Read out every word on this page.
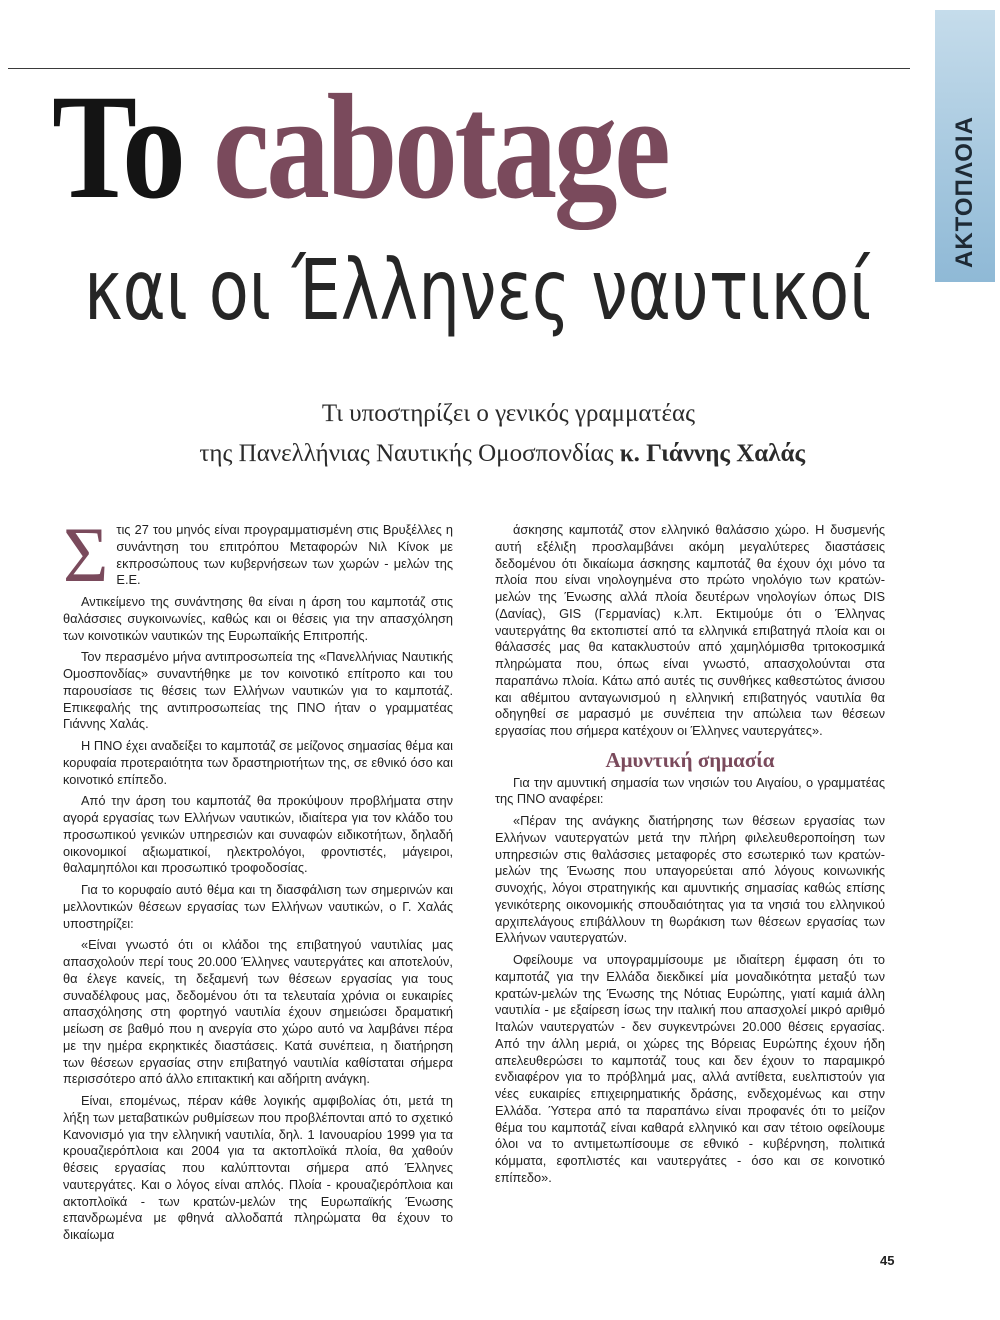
ΑΚΤΟΠΛΟΙΑ
Το cabotage
και οι Έλληνες ναυτικοί
Τι υποστηρίζει ο γενικός γραμματέας
της Πανελλήνιας Ναυτικής Ομοσπονδίας κ. Γιάννης Χαλάς

Στις 27 του μηνός είναι προγραμματισμένη στις Βρυξέλλες η συνάντηση του επιτρόπου Μεταφορών Νιλ Κίνοκ με εκπροσώπους των κυβερνήσεων των χωρών - μελών της Ε.Ε.

Αντικείμενο της συνάντησης θα είναι η άρση του καμποτάζ στις θαλάσσιες συγκοινωνίες, καθώς και οι θέσεις για την απασχόληση των κοινοτικών ναυτικών της Ευρωπαϊκής Επιτροπής.

Τον περασμένο μήνα αντιπροσωπεία της «Πανελλήνιας Ναυτικής Ομοσπονδίας» συναντήθηκε με τον κοινοτικό επίτροπο και του παρουσίασε τις θέσεις των Ελλήνων ναυτικών για το καμποτάζ. Επικεφαλής της αντιπροσωπείας της ΠΝΟ ήταν ο γραμματέας Γιάννης Χαλάς.

Η ΠΝΟ έχει αναδείξει το καμποτάζ σε μείζονος σημασίας θέμα και κορυφαία προτεραιότητα των δραστηριοτήτων της, σε εθνικό όσο και κοινοτικό επίπεδο.

Από την άρση του καμποτάζ θα προκύψουν προβλήματα στην αγορά εργασίας των Ελλήνων ναυτικών, ιδιαίτερα για τον κλάδο του προσωπικού γενικών υπηρεσιών και συναφών ειδικοτήτων, δηλαδή οικονομικοί αξιωματικοί, ηλεκτρολόγοι, φροντιστές, μάγειροι, θαλαμηπόλοι και προσωπικό τροφοδοσίας.

Για το κορυφαίο αυτό θέμα και τη διασφάλιση των σημερινών και μελλοντικών θέσεων εργασίας των Ελλήνων ναυτικών, ο Γ. Χαλάς υποστηρίζει:

«Είναι γνωστό ότι οι κλάδοι της επιβατηγού ναυτιλίας μας απασχολούν περί τους 20.000 Έλληνες ναυτεργάτες και αποτελούν, θα έλεγε κανείς, τη δεξαμενή των θέσεων εργασίας για τους συναδέλφους μας, δεδομένου ότι τα τελευταία χρόνια οι ευκαιρίες απασχόλησης στη φορτηγό ναυτιλία έχουν σημειώσει δραματική μείωση σε βαθμό που η ανεργία στο χώρο αυτό να λαμβάνει πέρα με την ημέρα εκρηκτικές διαστάσεις. Κατά συνέπεια, η διατήρηση των θέσεων εργασίας στην επιβατηγό ναυτιλία καθίσταται σήμερα περισσότερο από άλλο επιτακτική και αδήριτη ανάγκη.

Είναι, επομένως, πέραν κάθε λογικής αμφιβολίας ότι, μετά τη λήξη των μεταβατικών ρυθμίσεων που προβλέπονται από το σχετικό Κανονισμό για την ελληνική ναυτιλία, δηλ. 1 Ιανουαρίου 1999 για τα κρουαζιερόπλοια και 2004 για τα ακτοπλοϊκά πλοία, θα χαθούν θέσεις εργασίας που καλύπτονται σήμερα από Έλληνες ναυτεργάτες. Και ο λόγος είναι απλός. Πλοία - κρουαζιερόπλοια και ακτοπλοϊκά - των κρατών-μελών της Ευρωπαϊκής Ένωσης επανδρωμένα με φθηνά αλλοδαπά πληρώματα θα έχουν το δικαίωμα

άσκησης καμποτάζ στον ελληνικό θαλάσσιο χώρο. Η δυσμενής αυτή εξέλιξη προσλαμβάνει ακόμη μεγαλύτερες διαστάσεις δεδομένου ότι δικαίωμα άσκησης καμποτάζ θα έχουν όχι μόνο τα πλοία που είναι νηολογημένα στο πρώτο νηολόγιο των κρατών-μελών της Ένωσης αλλά πλοία δευτέρων νηολογίων όπως DIS (Δανίας), GIS (Γερμανίας) κ.λπ. Εκτιμούμε ότι ο Έλληνας ναυτεργάτης θα εκτοπιστεί από τα ελληνικά επιβατηγά πλοία και οι θάλασσές μας θα κατακλυστούν από χαμηλόμισθα τριτοκοσμικά πληρώματα που, όπως είναι γνωστό, απασχολούνται στα παραπάνω πλοία. Κάτω από αυτές τις συνθήκες καθεστώτος άνισου και αθέμιτου ανταγωνισμού η ελληνική επιβατηγός ναυτιλία θα οδηγηθεί σε μαρασμό με συνέπεια την απώλεια των θέσεων εργασίας που σήμερα κατέχουν οι Έλληνες ναυτεργάτες».

Αμυντική σημασία

Για την αμυντική σημασία των νησιών του Αιγαίου, ο γραμματέας της ΠΝΟ αναφέρει:

«Πέραν της ανάγκης διατήρησης των θέσεων εργασίας των Ελλήνων ναυτεργατών μετά την πλήρη φιλελευθεροποίηση των υπηρεσιών στις θαλάσσιες μεταφορές στο εσωτερικό των κρατών-μελών της Ένωσης που υπαγορεύεται από λόγους κοινωνικής συνοχής, λόγοι στρατηγικής και αμυντικής σημασίας καθώς επίσης γενικότερης οικονομικής σπουδαιότητας για τα νησιά του ελληνικού αρχιπελάγους επιβάλλουν τη θωράκιση των θέσεων εργασίας των Ελλήνων ναυτεργατών.

Οφείλουμε να υπογραμμίσουμε με ιδιαίτερη έμφαση ότι το καμποτάζ για την Ελλάδα διεκδικεί μία μοναδικότητα μεταξύ των κρατών-μελών της Ένωσης της Νότιας Ευρώπης, γιατί καμιά άλλη ναυτιλία - με εξαίρεση ίσως την ιταλική που απασχολεί μικρό αριθμό Ιταλών ναυτεργατών - δεν συγκεντρώνει 20.000 θέσεις εργασίας. Από την άλλη μεριά, οι χώρες της Βόρειας Ευρώπης έχουν ήδη απελευθερώσει το καμποτάζ τους και δεν έχουν το παραμικρό ενδιαφέρον για το πρόβλημά μας, αλλά αντίθετα, ευελπιστούν για νέες ευκαιρίες επιχειρηματικής δράσης, ενδεχομένως και στην Ελλάδα. Ύστερα από τα παραπάνω είναι προφανές ότι το μείζον θέμα του καμποτάζ είναι καθαρά ελληνικό και σαν τέτοιο οφείλουμε όλοι να το αντιμετωπίσουμε σε εθνικό - κυβέρνηση, πολιτικά κόμματα, εφοπλιστές και ναυτεργάτες - όσο και σε κοινοτικό επίπεδο».

45
